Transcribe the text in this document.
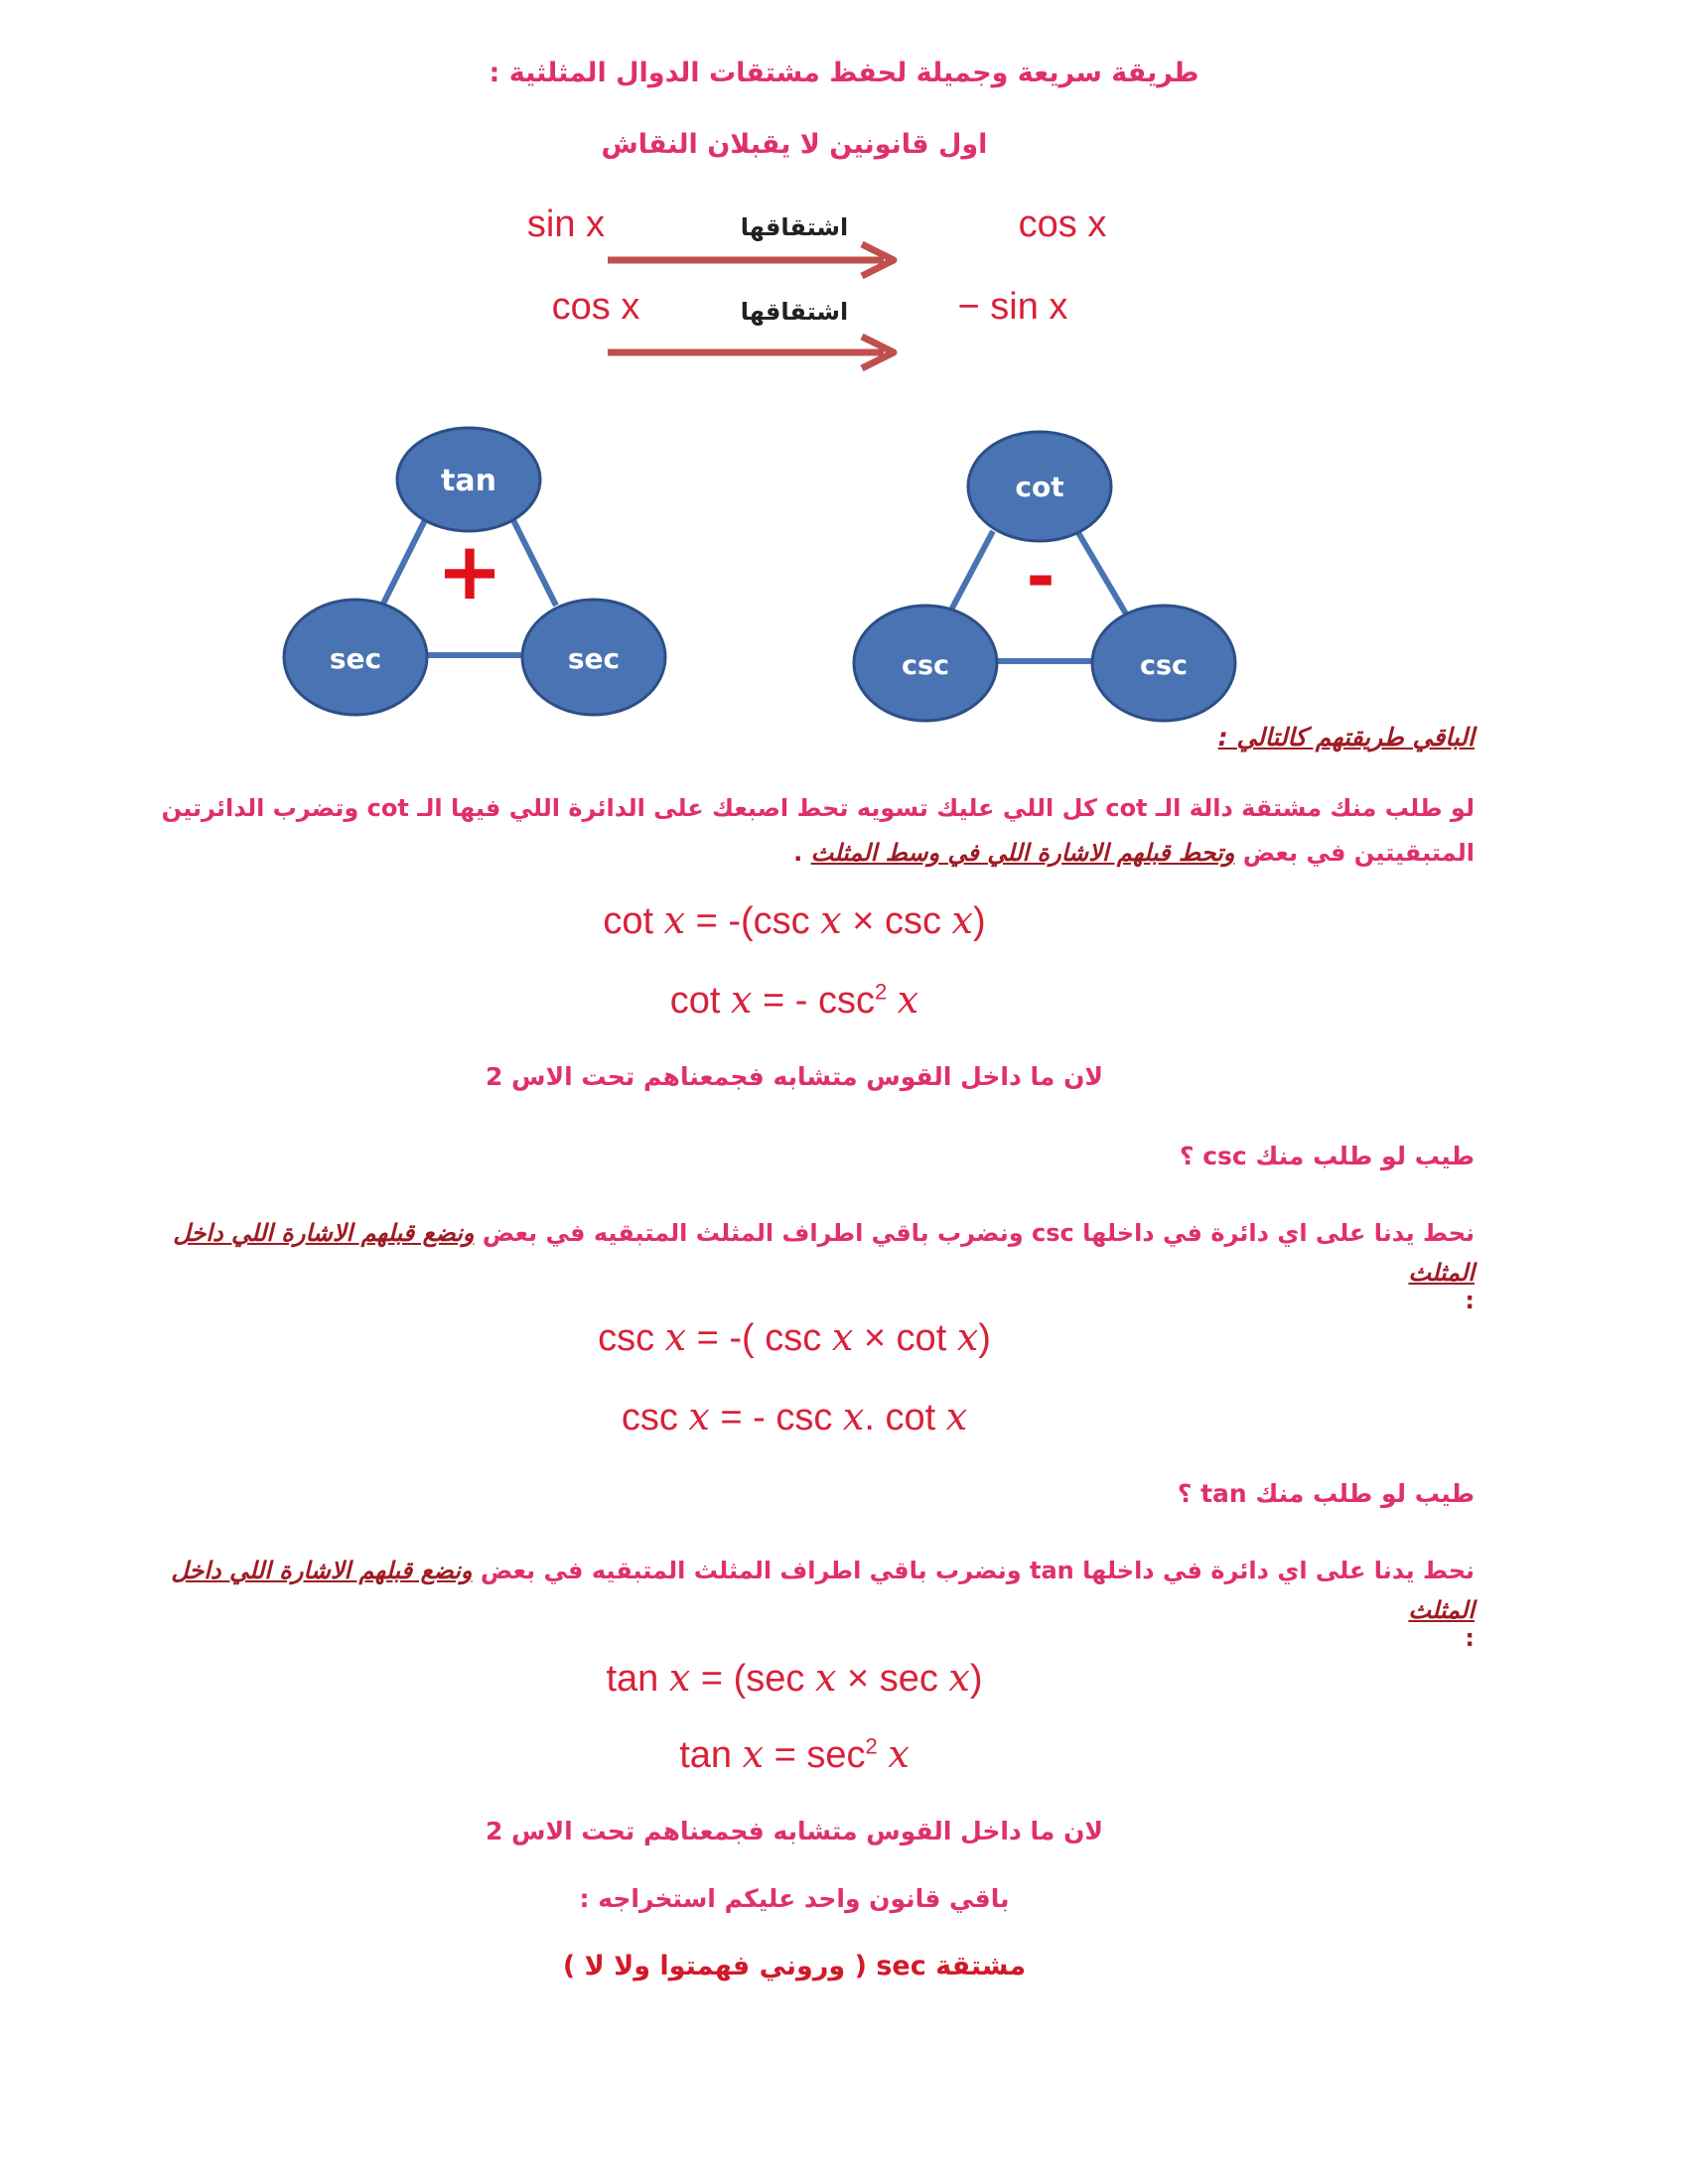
طريقة سريعة وجميلة لحفظ مشتقات الدوال المثلثية :
اول قانونين لا يقبلان النقاش
sin x	اشتقاقها	cos x
cos x	اشتقاقها	− sin x
tan
sec	sec
+
cot
csc	csc
-
الباقي طريقتهم كالتالي :
لو طلب منك مشتقة دالة الـ cot كل اللي عليك تسويه تحط اصبعك على الدائرة اللي فيها الـ cot وتضرب الدائرتين
المتبقيتين في بعض وتحط قبلهم الاشارة اللي في وسط المثلث .
cot x = -(csc x × csc x)
cot x = - $\csc^2 x$
لان ما داخل القوس متشابه فجمعناهم تحت الاس 2
طيب لو طلب منك csc ؟
نحط يدنا على اي دائرة في داخلها csc ونضرب باقي اطراف المثلث المتبقيه في بعض ونضع قبلهم الاشارة اللي داخل
المثلث
:
csc x = -( csc x × cot x)
csc x = - csc x. cot x
طيب لو طلب منك tan ؟
نحط يدنا على اي دائرة في داخلها tan ونضرب باقي اطراف المثلث المتبقيه في بعض ونضع قبلهم الاشارة اللي داخل
المثلث
:
tan x = (sec x × sec x)
$\tan x = \sec^2 x$
لان ما داخل القوس متشابه فجمعناهم تحت الاس 2
باقي قانون واحد عليكم استخراجه :
مشتقة sec ( وروني فهمتوا ولا لا )
